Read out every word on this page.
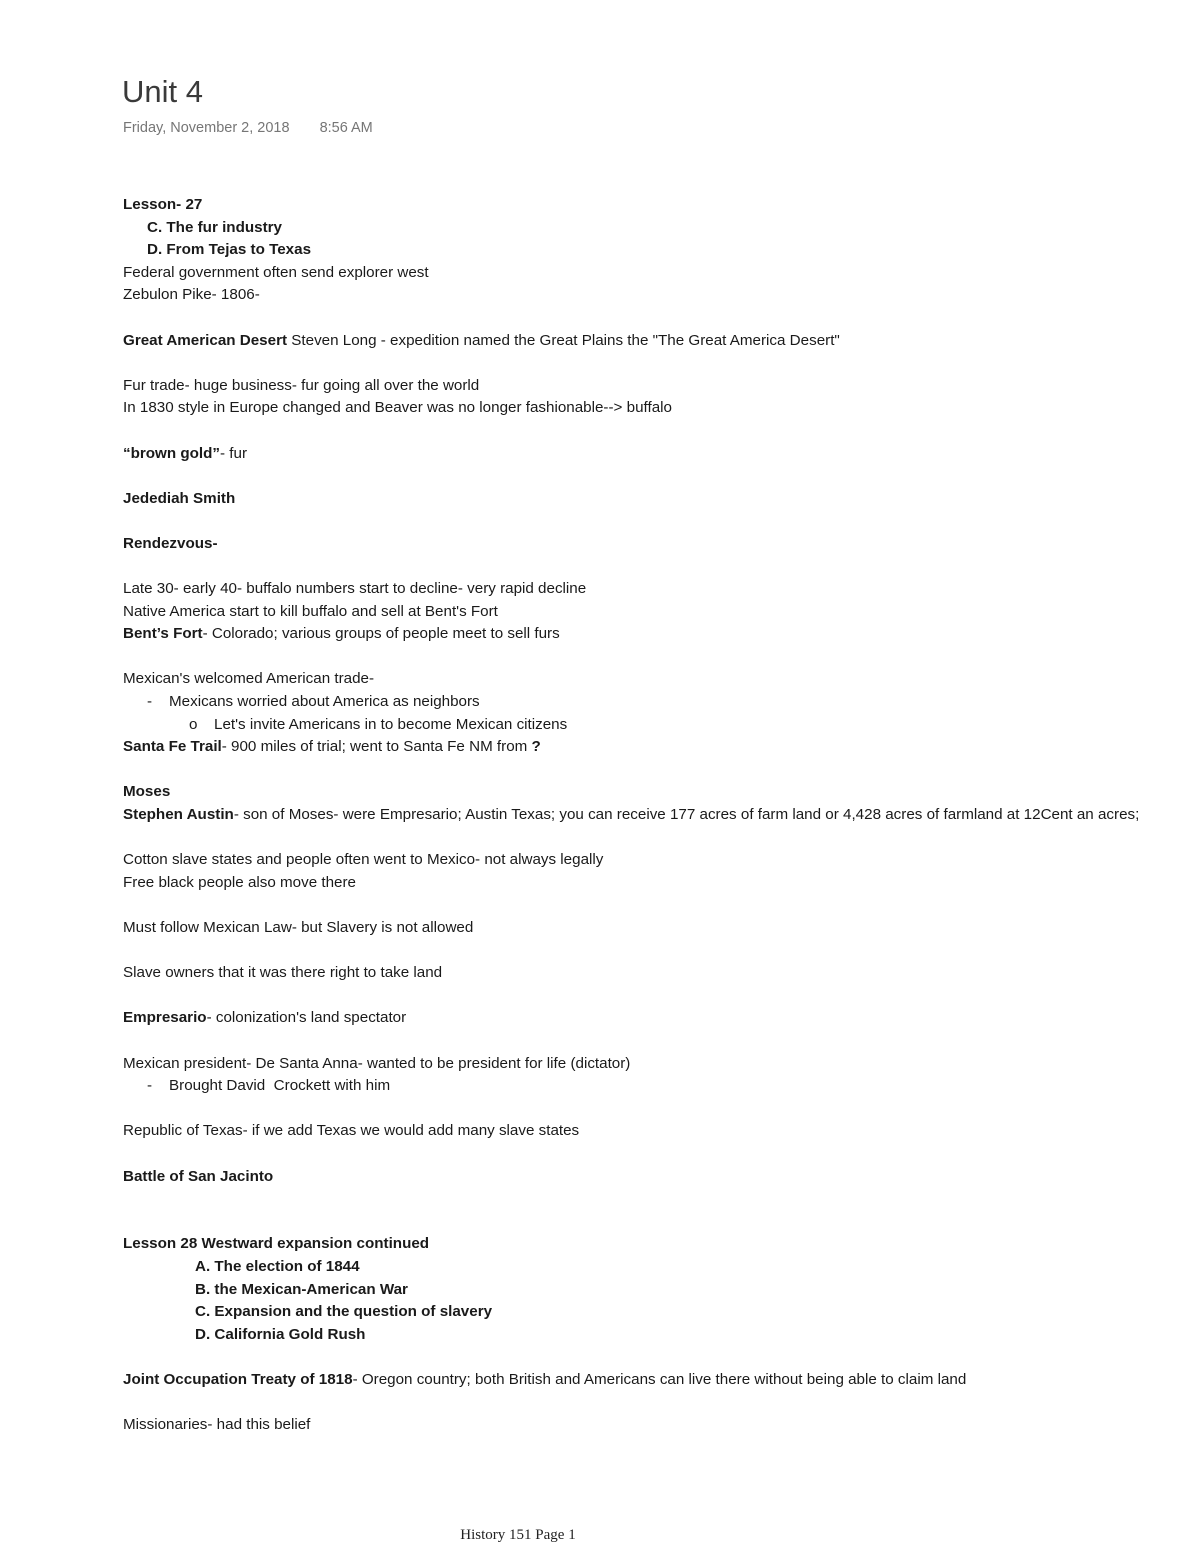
Unit 4
Friday, November 2, 2018 8:56 AM
Lesson- 27
C. The fur industry
D. From Tejas to Texas
Federal government often send explorer west
Zebulon Pike- 1806-
Great American Desert Steven Long - expedition named the Great Plains the "The Great America Desert"
Fur trade- huge business- fur going all over the world
In 1830 style in Europe changed and Beaver was no longer fashionable--> buffalo
“brown gold”- fur
Jedediah Smith
Rendezvous-
Late 30- early 40- buffalo numbers start to decline- very rapid decline
Native America start to kill buffalo and sell at Bent's Fort
Bent’s Fort- Colorado; various groups of people meet to sell furs
Mexican's welcomed American trade-
- Mexicans worried about America as neighbors
o Let's invite Americans in to become Mexican citizens
Santa Fe Trail- 900 miles of trial; went to Santa Fe NM from ?
Moses
Stephen Austin- son of Moses- were Empresario; Austin Texas; you can receive 177 acres of farm land or 4,428 acres of farmland at 12Cent an acres;
Cotton slave states and people often went to Mexico- not always legally
Free black people also move there
Must follow Mexican Law- but Slavery is not allowed
Slave owners that it was there right to take land
Empresario- colonization's land spectator
Mexican president- De Santa Anna- wanted to be president for life (dictator)
- Brought David  Crockett with him
Republic of Texas- if we add Texas we would add many slave states
Battle of San Jacinto
Lesson 28 Westward expansion continued
A. The election of 1844
B. the Mexican-American War
C. Expansion and the question of slavery
D. California Gold Rush
Joint Occupation Treaty of 1818- Oregon country; both British and Americans can live there without being able to claim land
Missionaries- had this belief
History 151 Page 1
